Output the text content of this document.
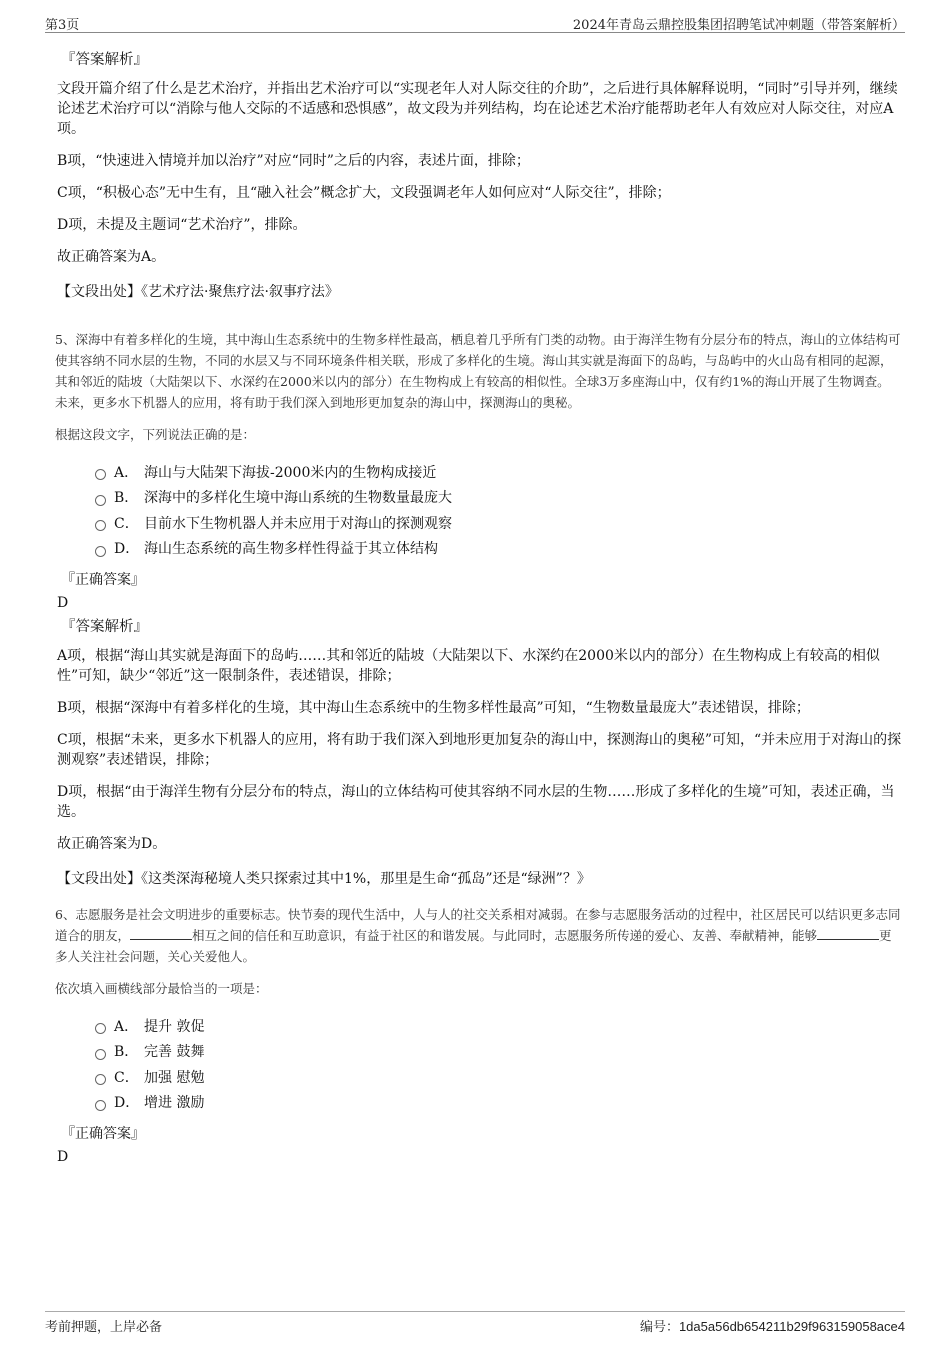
第3页	2024年青岛云鼎控股集团招聘笔试冲刺题（带答案解析）
『答案解析』

文段开篇介绍了什么是艺术治疗，并指出艺术治疗可以“实现老年人对人际交往的介助”，之后进行具体解释说明，“同时”引导并列，继续论述艺术治疗可以“消除与他人交际的不适感和恐惧感”，故文段为并列结构，均在论述艺术治疗能帮助老年人有效应对人际交往，对应A项。

B项，“快速进入情境并加以治疗”对应“同时”之后的内容，表述片面，排除；

C项，“积极心态”无中生有，且“融入社会”概念扩大，文段强调老年人如何应对“人际交往”，排除；

D项，未提及主题词“艺术治疗”，排除。

故正确答案为A。

【文段出处】《艺术疗法·聚焦疗法·叙事疗法》

5、深海中有着多样化的生境，其中海山生态系统中的生物多样性最高，栖息着几乎所有门类的动物。由于海洋生物有分层分布的特点，海山的立体结构可使其容纳不同水层的生物，不同的水层又与不同环境条件相关联，形成了多样化的生境。海山其实就是海面下的岛屿，与岛屿中的火山岛有相同的起源，其和邻近的陆坡（大陆架以下、水深约在2000米以内的部分）在生物构成上有较高的相似性。全球3万多座海山中，仅有约1%的海山开展了生物调查。未来，更多水下机器人的应用，将有助于我们深入到地形更加复杂的海山中，探测海山的奥秘。

根据这段文字，下列说法正确的是：

A． 海山与大陆架下海拔-2000米内的生物构成接近
B． 深海中的多样化生境中海山系统的生物数量最庞大
C． 目前水下生物机器人并未应用于对海山的探测观察
D． 海山生态系统的高生物多样性得益于其立体结构
『正确答案』
D
『答案解析』

A项，根据“海山其实就是海面下的岛屿……其和邻近的陆坡（大陆架以下、水深约在2000米以内的部分）在生物构成上有较高的相似性”可知，缺少“邻近”这一限制条件，表述错误，排除；

B项，根据“深海中有着多样化的生境，其中海山生态系统中的生物多样性最高”可知，“生物数量最庞大”表述错误，排除；

C项，根据“未来，更多水下机器人的应用，将有助于我们深入到地形更加复杂的海山中，探测海山的奥秘”可知，“并未应用于对海山的探测观察”表述错误，排除；

D项，根据“由于海洋生物有分层分布的特点，海山的立体结构可使其容纳不同水层的生物……形成了多样化的生境”可知，表述正确，当选。

故正确答案为D。

【文段出处】《这类深海秘境人类只探索过其中1%，那里是生命“孤岛”还是“绿洲”？》

6、志愿服务是社会文明进步的重要标志。快节奏的现代生活中，人与人的社交关系相对减弱。在参与志愿服务活动的过程中，社区居民可以结识更多志同道合的朋友，	相互之间的信任和互助意识，有益于社区的和谐发展。与此同时，志愿服务所传递的爱心、友善、奉献精神，能够	更多人关注社会问题，关心关爱他人。

依次填入画横线部分最恰当的一项是：

A． 提升 敦促
B． 完善 鼓舞
C． 加强 慰勉
D． 增进 激励
『正确答案』
D
考前押题，上岸必备	编号：1da5a56db654211b29f963159058ace4
